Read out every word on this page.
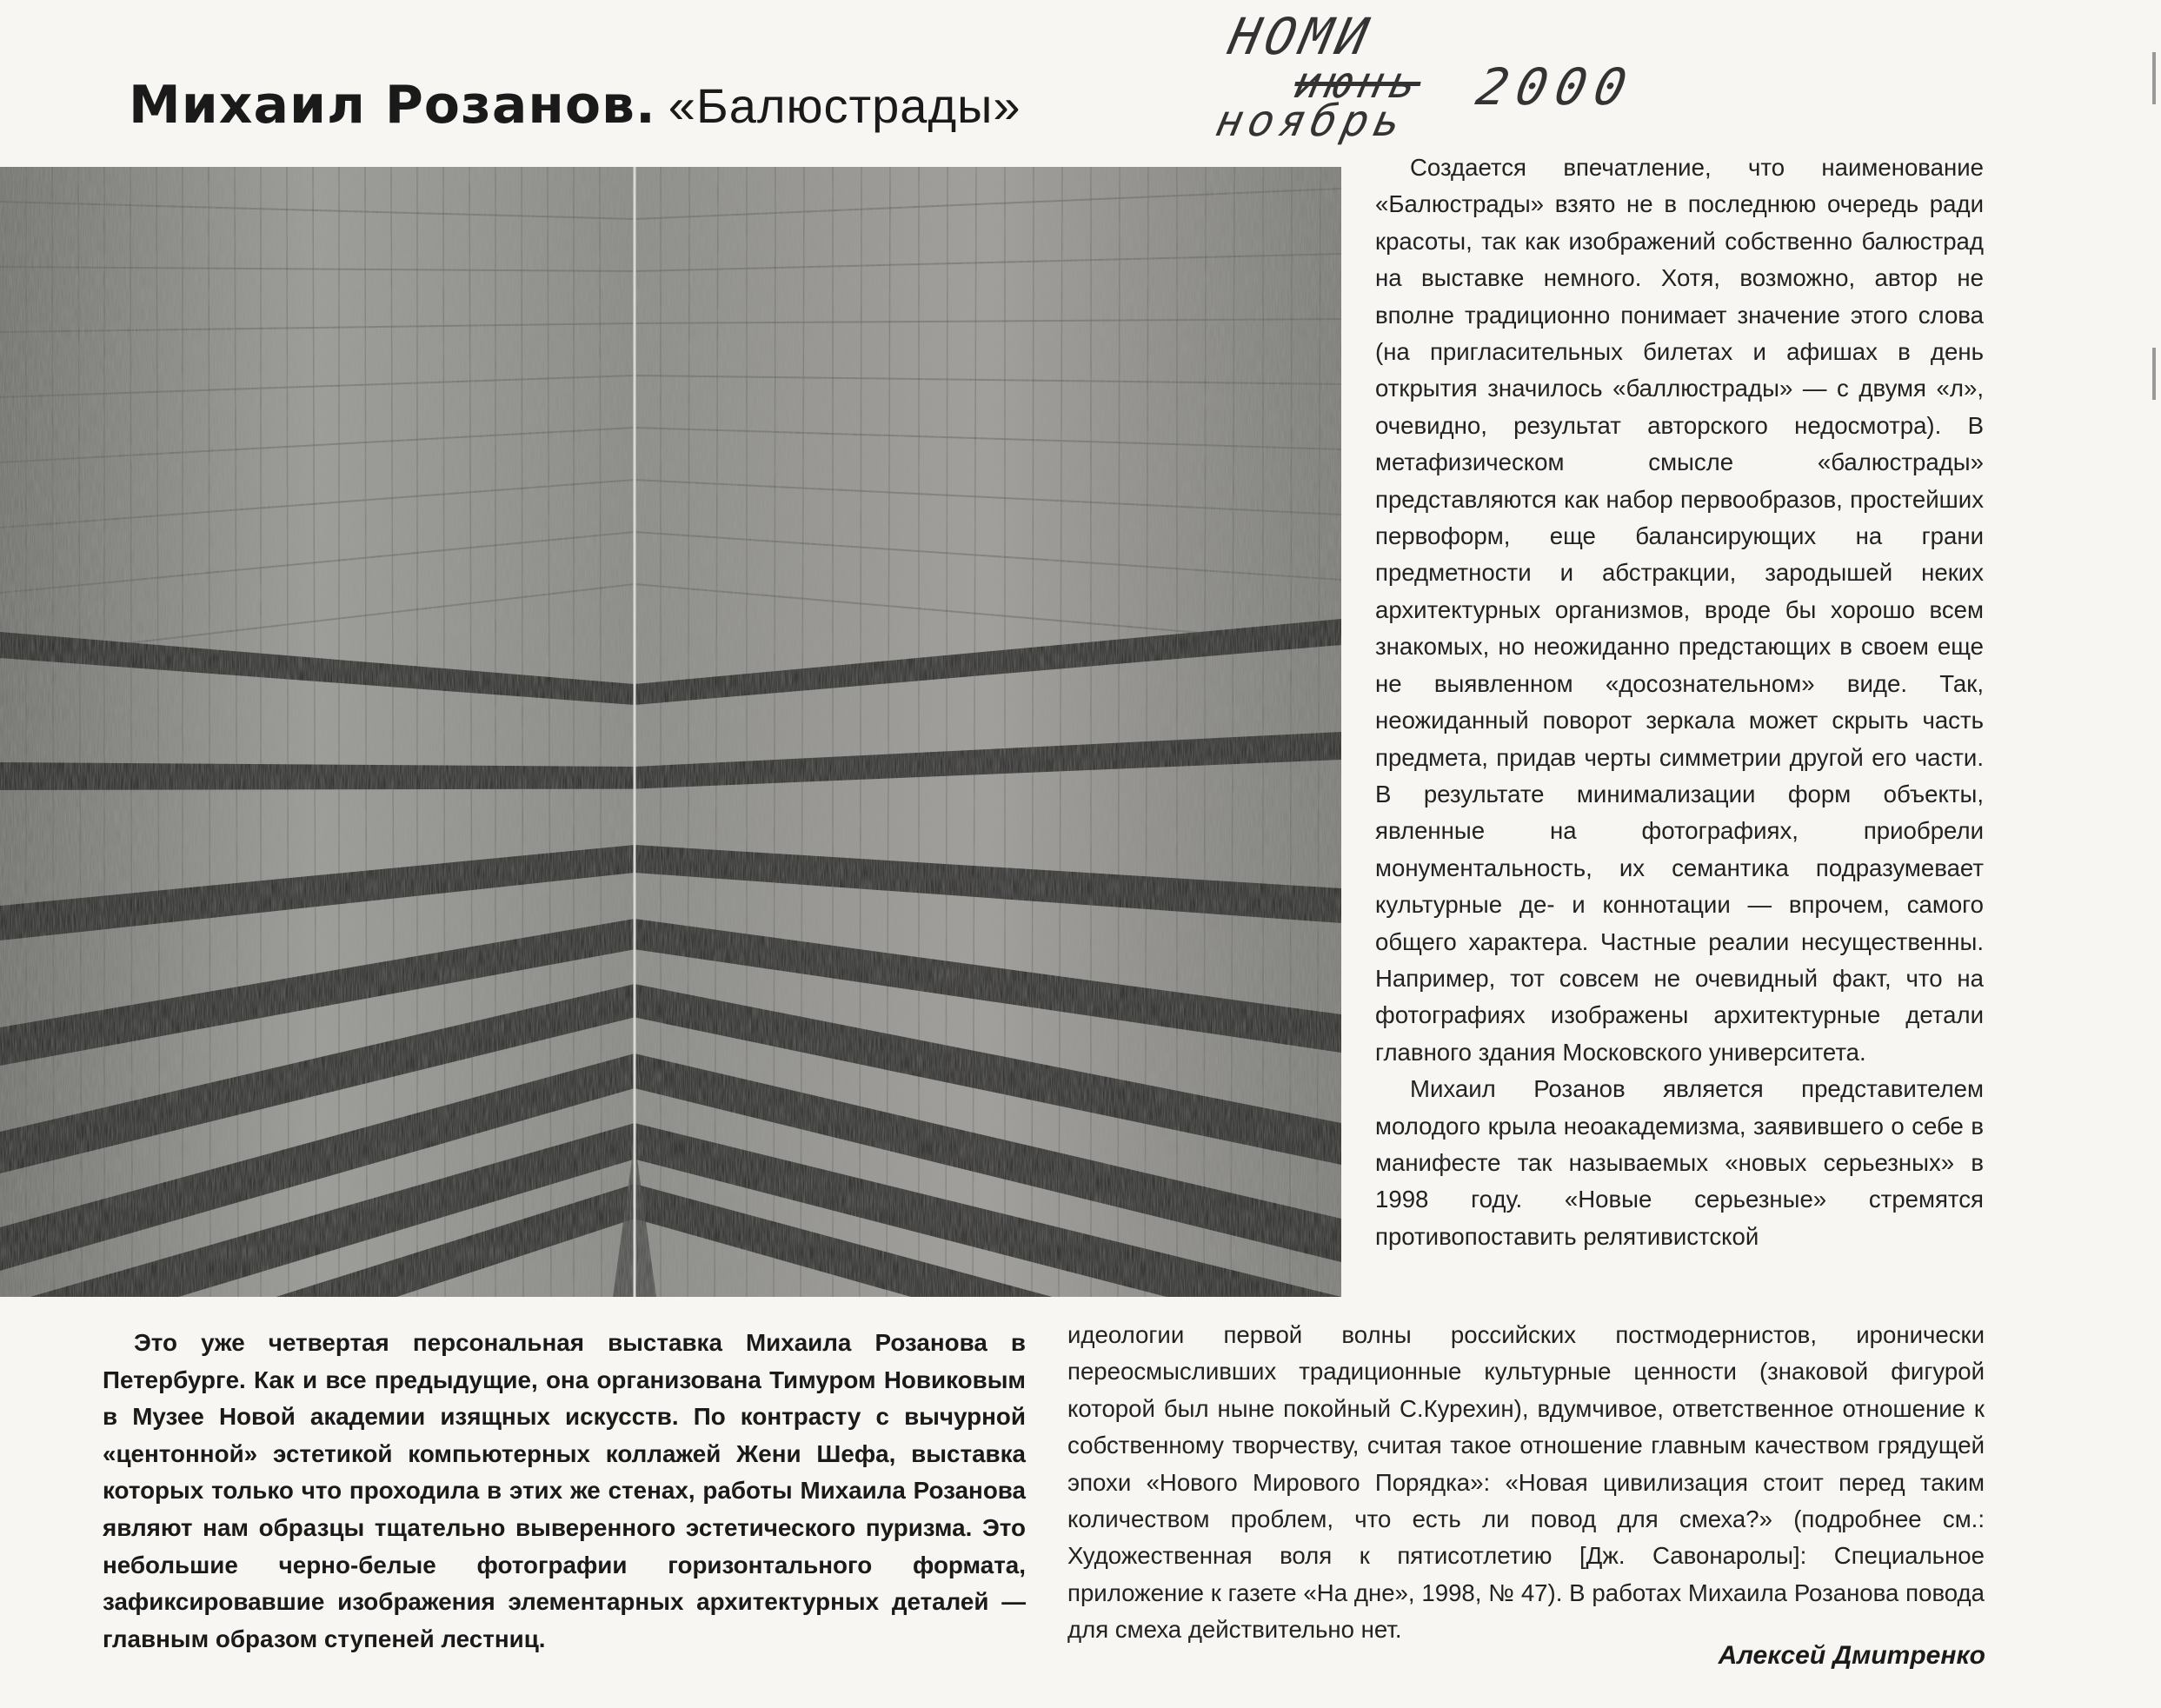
НОМИ
июнь 2000
ноябрь
Михаил Розанов. «Балюстрады»

Создается впечатление, что наименование «Балюстрады» взято не в последнюю очередь ради красоты, так как изображений собственно балюстрад на выставке немного. Хотя, возможно, автор не вполне традиционно понимает значение этого слова (на пригласительных билетах и афишах в день открытия значилось «баллюстрады» — с двумя «л», очевидно, результат авторского недосмотра). В метафизическом смысле «балюстрады» представляются как набор первообразов, простейших первоформ, еще балансирующих на грани предметности и абстракции, зародышей неких архитектурных организмов, вроде бы хорошо всем знакомых, но неожиданно предстающих в своем еще не выявленном «досознательном» виде. Так, неожиданный поворот зеркала может скрыть часть предмета, придав черты симметрии другой его части. В результате минимализации форм объекты, явленные на фотографиях, приобрели монументальность, их семантика подразумевает культурные де- и коннотации — впрочем, самого общего характера. Частные реалии несущественны. Например, тот совсем не очевидный факт, что на фотографиях изображены архитектурные детали главного здания Московского университета.

Михаил Розанов является представителем молодого крыла неоакадемизма, заявившего о себе в манифесте так называемых «новых серьезных» в 1998 году. «Новые серьезные» стремятся противопоставить релятивистской

Это уже четвертая персональная выставка Михаила Розанова в Петербурге. Как и все предыдущие, она организована Тимуром Новиковым в Музее Новой академии изящных искусств. По контрасту с вычурной «центонной» эстетикой компьютерных коллажей Жени Шефа, выставка которых только что проходила в этих же стенах, работы Михаила Розанова являют нам образцы тщательно выверенного эстетического пуризма. Это небольшие черно-белые фотографии горизонтального формата, зафиксировавшие изображения элементарных архитектурных деталей — главным образом ступеней лестниц.

идеологии первой волны российских постмодернистов, иронически переосмысливших традиционные культурные ценности (знаковой фигурой которой был ныне покойный С.Курехин), вдумчивое, ответственное отношение к собственному творчеству, считая такое отношение главным качеством грядущей эпохи «Нового Мирового Порядка»: «Новая цивилизация стоит перед таким количеством проблем, что есть ли повод для смеха?» (подробнее см.: Художественная воля к пятисотлетию [Дж. Савонаролы]: Специальное приложение к газете «На дне», 1998, № 47). В работах Михаила Розанова повода для смеха действительно нет.

Алексей Дмитренко
